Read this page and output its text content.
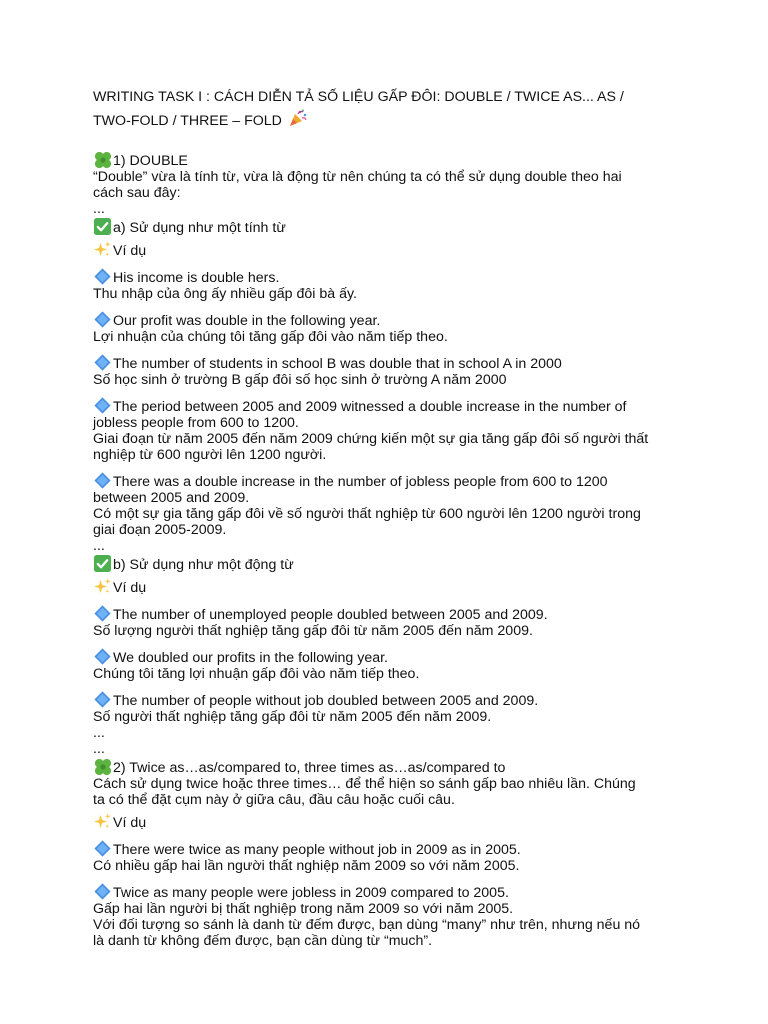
WRITING TASK I : CÁCH DIỄN TẢ SỐ LIỆU GẤP ĐÔI: DOUBLE / TWICE AS... AS /
TWO-FOLD / THREE – FOLD
1) DOUBLE
“Double” vừa là tính từ, vừa là động từ nên chúng ta có thể sử dụng double theo hai
cách sau đây:
...
a) Sử dụng như một tính từ
Ví dụ
His income is double hers.
Thu nhập của ông ấy nhiều gấp đôi bà ấy.
Our profit was double in the following year.
Lợi nhuận của chúng tôi tăng gấp đôi vào năm tiếp theo.
The number of students in school B was double that in school A in 2000
Số học sinh ở trường B gấp đôi số học sinh ở trường A năm 2000
The period between 2005 and 2009 witnessed a double increase in the number of
jobless people from 600 to 1200.
Giai đoạn từ năm 2005 đến năm 2009 chứng kiến một sự gia tăng gấp đôi số người thất
nghiệp từ 600 người lên 1200 người.
There was a double increase in the number of jobless people from 600 to 1200
between 2005 and 2009.
Có một sự gia tăng gấp đôi về số người thất nghiệp từ 600 người lên 1200 người trong
giai đoạn 2005-2009.
...
b) Sử dụng như một động từ
Ví dụ
The number of unemployed people doubled between 2005 and 2009.
Số lượng người thất nghiệp tăng gấp đôi từ năm 2005 đến năm 2009.
We doubled our profits in the following year.
Chúng tôi tăng lợi nhuận gấp đôi vào năm tiếp theo.
The number of people without job doubled between 2005 and 2009.
Số người thất nghiệp tăng gấp đôi từ năm 2005 đến năm 2009.
...
...
2) Twice as…as/compared to, three times as…as/compared to
Cách sử dụng twice hoặc three times… để thể hiện so sánh gấp bao nhiêu lần. Chúng
ta có thể đặt cụm này ở giữa câu, đầu câu hoặc cuối câu.
Ví dụ
There were twice as many people without job in 2009 as in 2005.
Có nhiều gấp hai lần người thất nghiệp năm 2009 so với năm 2005.
Twice as many people were jobless in 2009 compared to 2005.
Gấp hai lần người bị thất nghiệp trong năm 2009 so với năm 2005.
Với đối tượng so sánh là danh từ đếm được, bạn dùng “many” như trên, nhưng nếu nó
là danh từ không đếm được, bạn cần dùng từ “much”.
